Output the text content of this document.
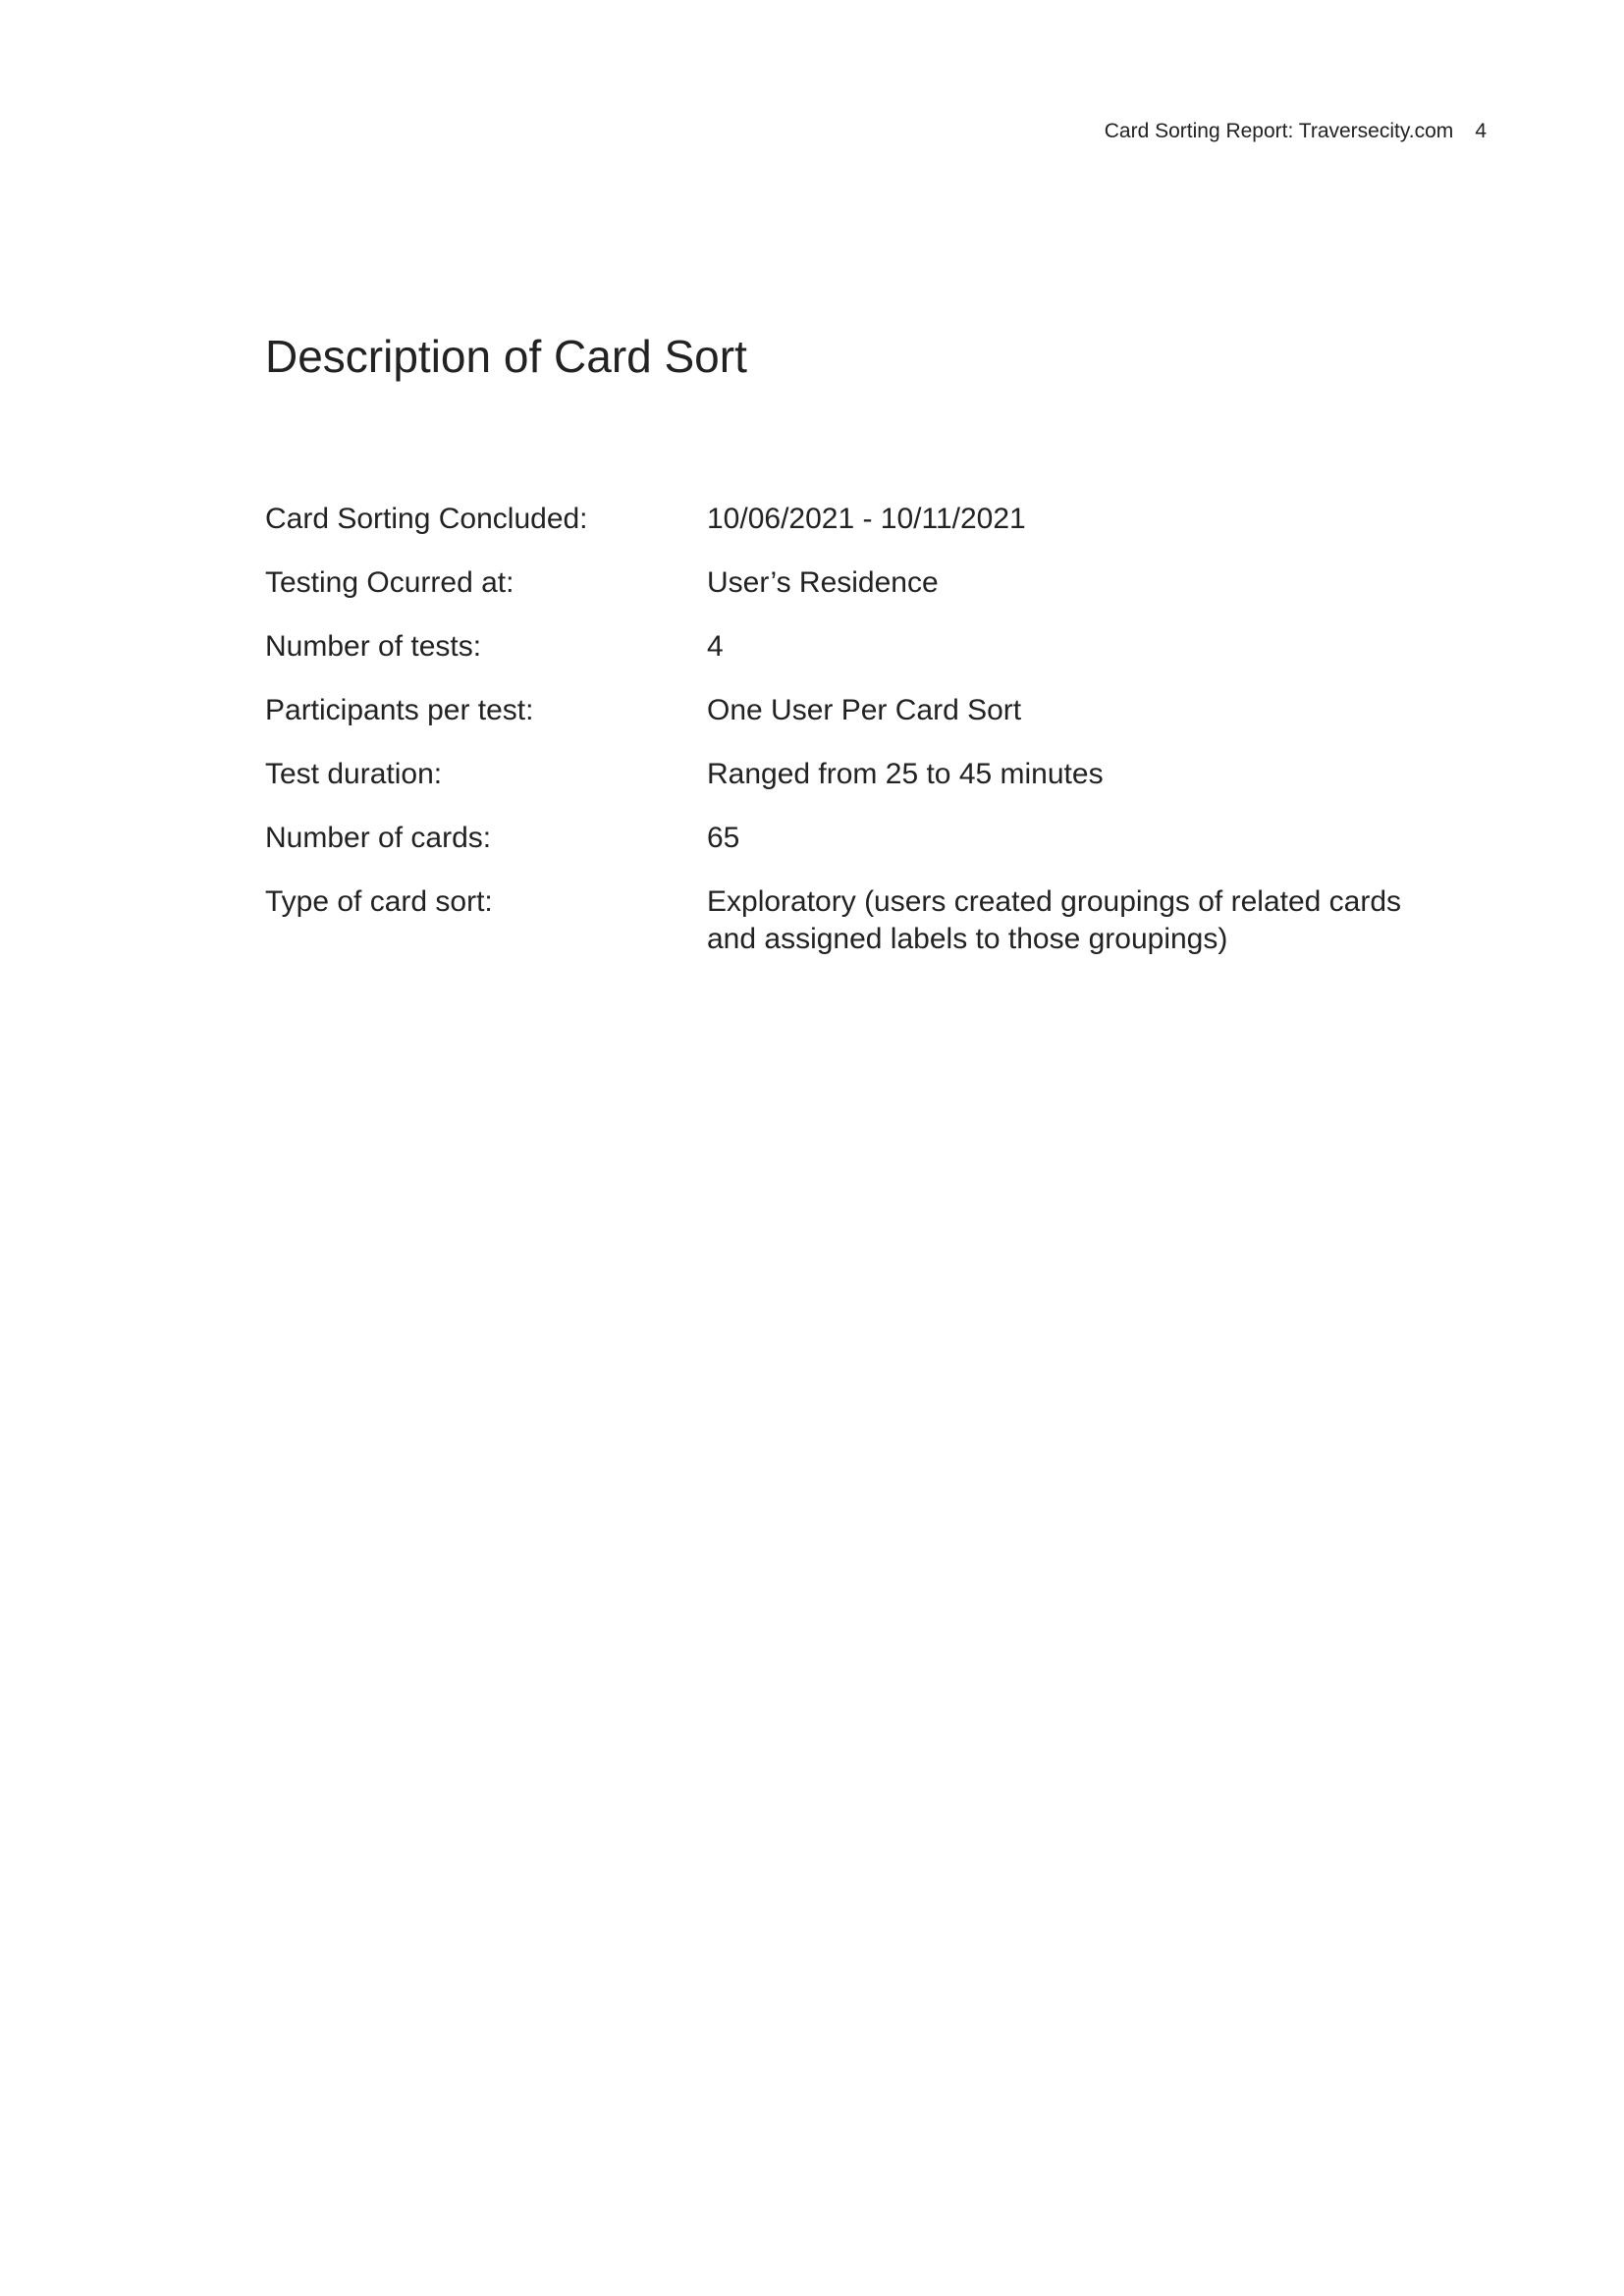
Card Sorting Report: Traversecity.com 4
Description of Card Sort
Card Sorting Concluded:	10/06/2021 - 10/11/2021
Testing Ocurred at:	User’s Residence
Number of tests:	4
Participants per test:	One User Per Card Sort
Test duration:	Ranged from 25 to 45 minutes
Number of cards:	65
Type of card sort:	Exploratory (users created groupings of related cards and assigned labels to those groupings)
